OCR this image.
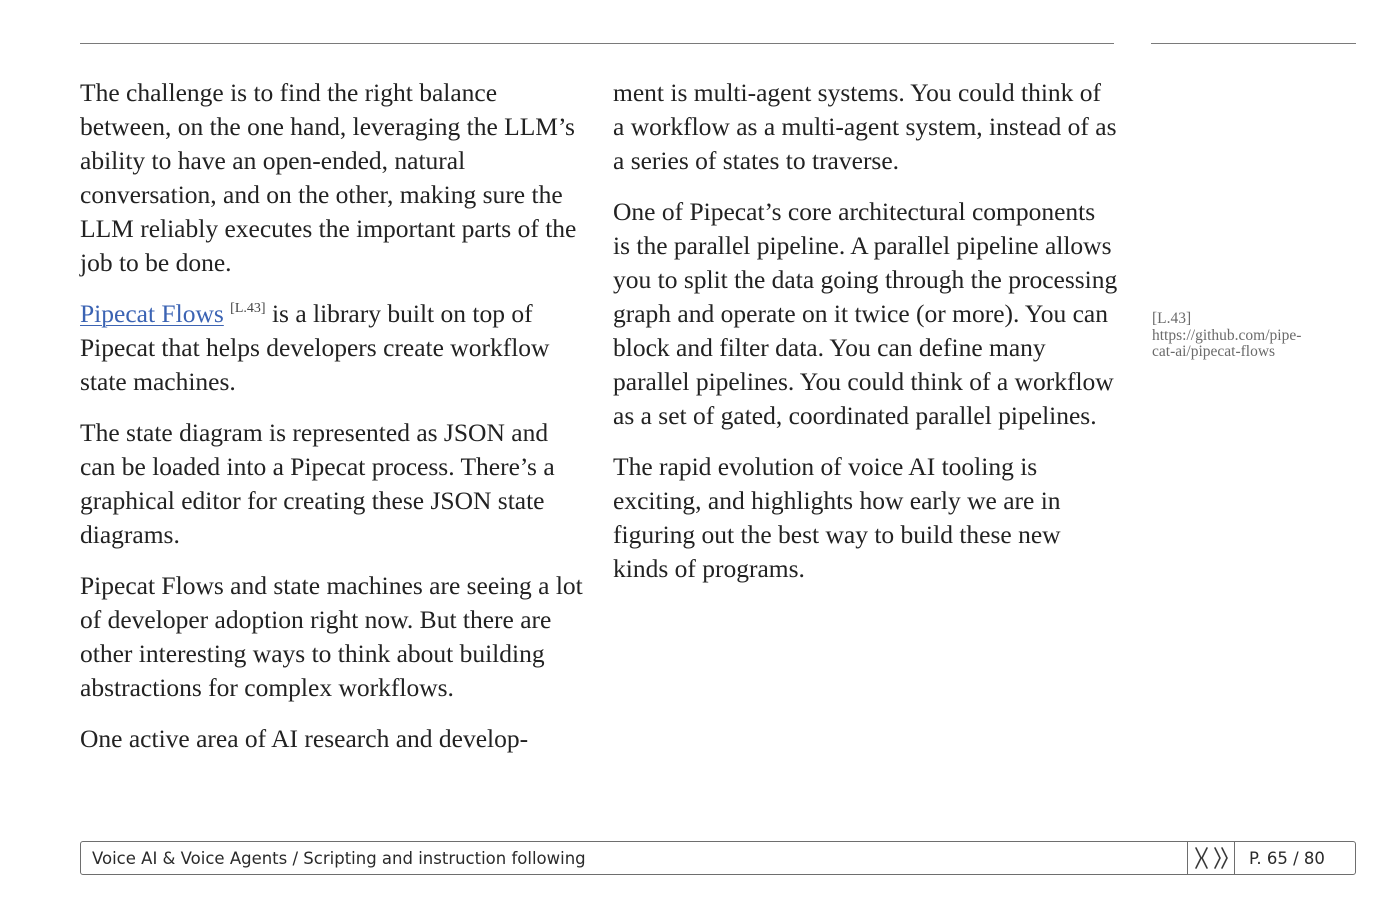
The challenge is to find the right balance between, on the one hand, leveraging the LLM’s ability to have an open-ended, natural conversation, and on the other, making sure the LLM reliably executes the important parts of the job to be done.

Pipecat Flows [L.43] is a library built on top of Pipecat that helps developers create workflow state machines.

The state diagram is represented as JSON and can be loaded into a Pipecat process. There’s a graphical editor for creating these JSON state diagrams.

Pipecat Flows and state machines are seeing a lot of developer adoption right now. But there are other interesting ways to think about building abstractions for complex workflows.

One active area of AI research and develop-

ment is multi-agent systems. You could think of a workflow as a multi-agent system, instead of as a series of states to traverse.

One of Pipecat’s core architectural components is the parallel pipeline. A parallel pipeline allows you to split the data going through the processing graph and operate on it twice (or more). You can block and filter data. You can define many parallel pipelines. You could think of a workflow as a set of gated, coordinated parallel pipelines.

The rapid evolution of voice AI tooling is exciting, and highlights how early we are in figuring out the best way to build these new kinds of programs.

[L.43]
https://github.com/pipe-
cat-ai/pipecat-flows
Voice AI & Voice Agents / Scripting and instruction following	P. 65 / 80
